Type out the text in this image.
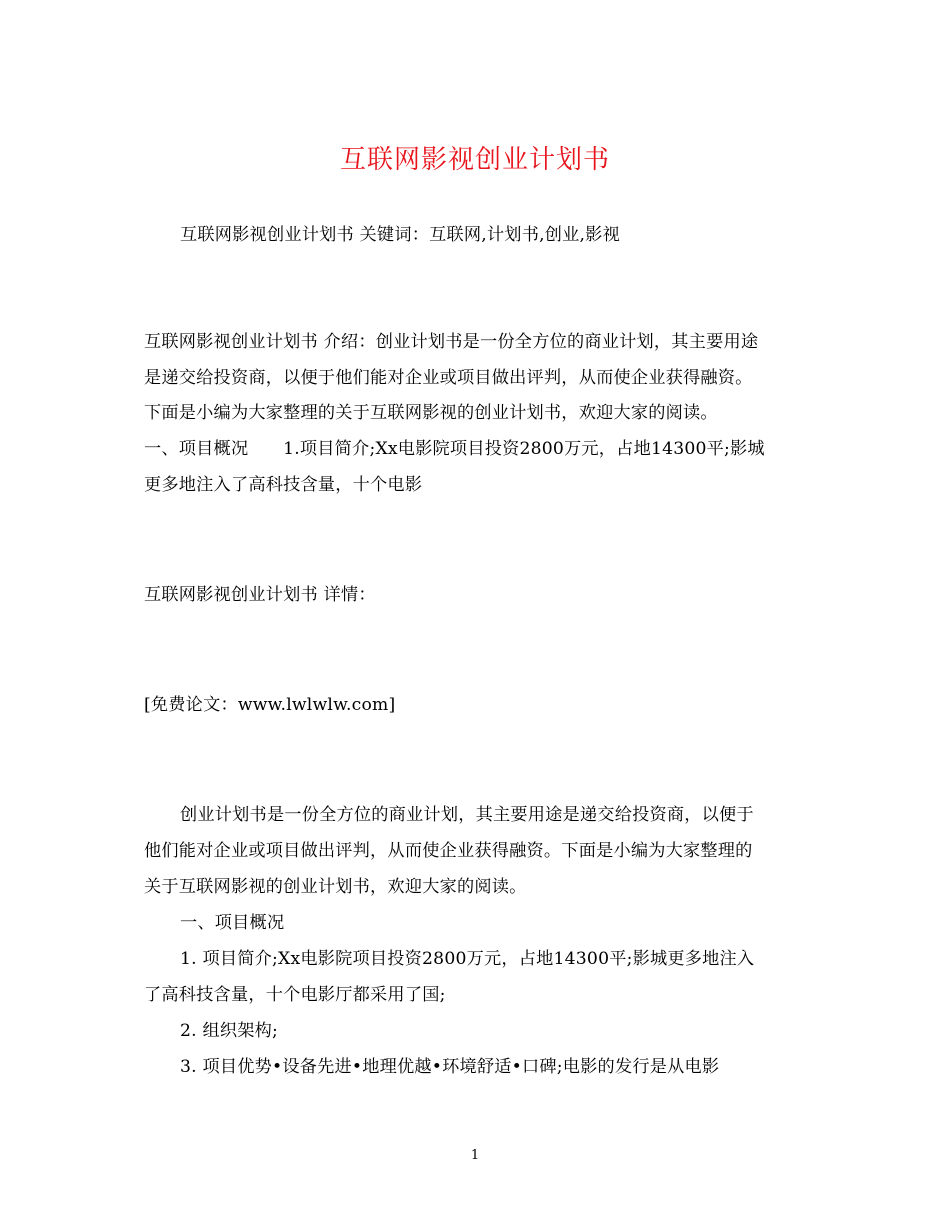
互联网影视创业计划书
互联网影视创业计划书 关键词：互联网,计划书,创业,影视
互联网影视创业计划书 介绍：创业计划书是一份全方位的商业计划，其主要用途
是递交给投资商，以便于他们能对企业或项目做出评判，从而使企业获得融资。
下面是小编为大家整理的关于互联网影视的创业计划书，欢迎大家的阅读。
一、项目概况　　1.项目简介;Xx电影院项目投资2800万元，占地14300平;影城
更多地注入了高科技含量，十个电影
互联网影视创业计划书 详情：
[免费论文：www.lwlwlw.com]
创业计划书是一份全方位的商业计划，其主要用途是递交给投资商，以便于
他们能对企业或项目做出评判，从而使企业获得融资。下面是小编为大家整理的
关于互联网影视的创业计划书，欢迎大家的阅读。
一、项目概况
1. 项目简介;Xx电影院项目投资2800万元，占地14300平;影城更多地注入
了高科技含量，十个电影厅都采用了国;
2. 组织架构;
3. 项目优势•设备先进•地理优越•环境舒适•口碑;电影的发行是从电影
1
